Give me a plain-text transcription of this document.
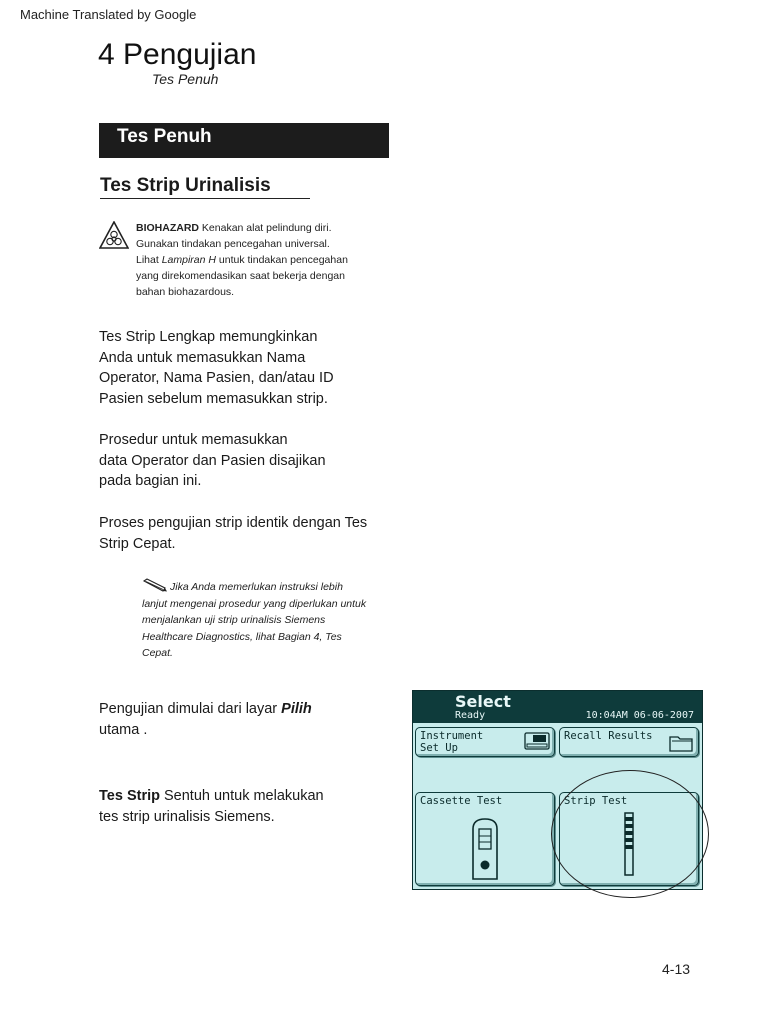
Machine Translated by Google
4 Pengujian
Tes Penuh
Tes Penuh
Tes Strip Urinalisis
BIOHAZARD Kenakan alat pelindung diri.
Gunakan tindakan pencegahan universal.
Lihat Lampiran H untuk tindakan pencegahan
yang direkomendasikan saat bekerja dengan
bahan biohazardous.
Tes Strip Lengkap memungkinkan
Anda untuk memasukkan Nama
Operator, Nama Pasien, dan/atau ID
Pasien sebelum memasukkan strip.
Prosedur untuk memasukkan
data Operator dan Pasien disajikan
pada bagian ini.
Proses pengujian strip identik dengan Tes
Strip Cepat.
Jika Anda memerlukan instruksi lebih
lanjut mengenai prosedur yang diperlukan untuk
menjalankan uji strip urinalisis Siemens
Healthcare Diagnostics, lihat Bagian 4, Tes
Cepat.
Pengujian dimulai dari layar Pilih
utama .
Tes Strip Sentuh untuk melakukan
tes strip urinalisis Siemens.
Select
Ready	10:04AM 06-06-2007
Instrument
Set Up
Recall Results
Cassette Test	Strip Test
4-13
